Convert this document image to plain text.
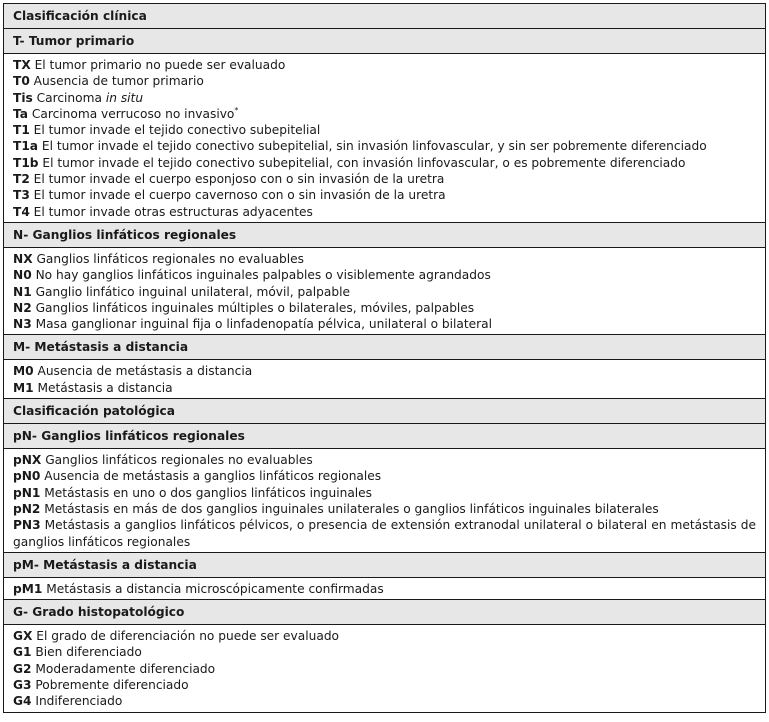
Clasificación clínica
T- Tumor primario
TX El tumor primario no puede ser evaluado
T0 Ausencia de tumor primario
Tis Carcinoma in situ
Ta Carcinoma verrucoso no invasivo*
T1 El tumor invade el tejido conectivo subepitelial
T1a El tumor invade el tejido conectivo subepitelial, sin invasión linfovascular, y sin ser pobremente diferenciado
T1b El tumor invade el tejido conectivo subepitelial, con invasión linfovascular, o es pobremente diferenciado
T2 El tumor invade el cuerpo esponjoso con o sin invasión de la uretra
T3 El tumor invade el cuerpo cavernoso con o sin invasión de la uretra
T4 El tumor invade otras estructuras adyacentes
N- Ganglios linfáticos regionales
NX Ganglios linfáticos regionales no evaluables
N0 No hay ganglios linfáticos inguinales palpables o visiblemente agrandados
N1 Ganglio linfático inguinal unilateral, móvil, palpable
N2 Ganglios linfáticos inguinales múltiples o bilaterales, móviles, palpables
N3 Masa ganglionar inguinal fija o linfadenopatía pélvica, unilateral o bilateral
M- Metástasis a distancia
M0 Ausencia de metástasis a distancia
M1 Metástasis a distancia
Clasificación patológica
pN- Ganglios linfáticos regionales
pNX Ganglios linfáticos regionales no evaluables
pN0 Ausencia de metástasis a ganglios linfáticos regionales
pN1 Metástasis en uno o dos ganglios linfáticos inguinales
pN2 Metástasis en más de dos ganglios inguinales unilaterales o ganglios linfáticos inguinales bilaterales
PN3 Metástasis a ganglios linfáticos pélvicos, o presencia de extensión extranodal unilateral o bilateral en metástasis de ganglios linfáticos regionales
pM- Metástasis a distancia
pM1 Metástasis a distancia microscópicamente confirmadas
G- Grado histopatológico
GX El grado de diferenciación no puede ser evaluado
G1 Bien diferenciado
G2 Moderadamente diferenciado
G3 Pobremente diferenciado
G4 Indiferenciado
